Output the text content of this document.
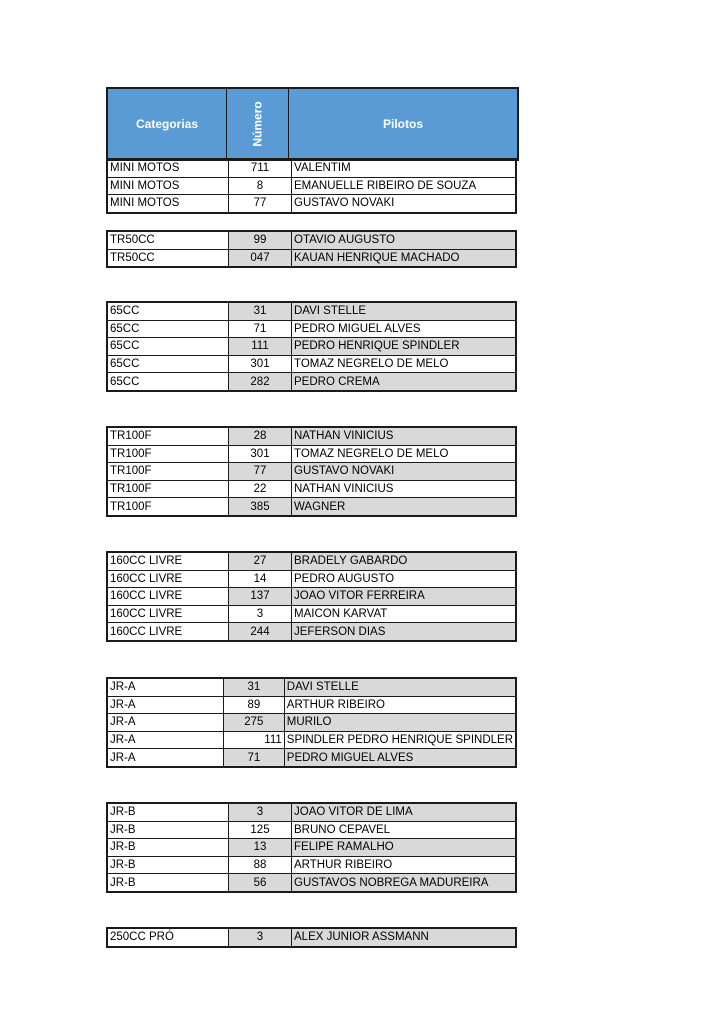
Categorias	Número	Pilotos
MINI MOTOS	711	VALENTIM
MINI MOTOS	8	EMANUELLE RIBEIRO DE SOUZA
MINI MOTOS	77	GUSTAVO NOVAKI
TR50CC	99	OTAVIO AUGUSTO
TR50CC	047	KAUAN HENRIQUE MACHADO
65CC	31	DAVI STELLE
65CC	71	PEDRO MIGUEL ALVES
65CC	111	PEDRO HENRIQUE SPINDLER
65CC	301	TOMAZ NEGRELO DE MELO
65CC	282	PEDRO CREMA
TR100F	28	NATHAN VINICIUS
TR100F	301	TOMAZ NEGRELO DE MELO
TR100F	77	GUSTAVO NOVAKI
TR100F	22	NATHAN VINICIUS
TR100F	385	WAGNER
160CC LIVRE	27	BRADELY GABARDO
160CC LIVRE	14	PEDRO AUGUSTO
160CC LIVRE	137	JOAO VITOR FERREIRA
160CC LIVRE	3	MAICON KARVAT
160CC LIVRE	244	JEFERSON DIAS
JR-A	31	DAVI STELLE
JR-A	89	ARTHUR RIBEIRO
JR-A	275	MURILO
JR-A	111	SPINDLER PEDRO HENRIQUE SPINDLER
JR-A	71	PEDRO MIGUEL ALVES
JR-B	3	JOAO VITOR DE LIMA
JR-B	125	BRUNO CEPAVEL
JR-B	13	FELIPE RAMALHO
JR-B	88	ARTHUR RIBEIRO
JR-B	56	GUSTAVOS NOBREGA MADUREIRA
250CC PRÓ	3	ALEX JUNIOR ASSMANN
